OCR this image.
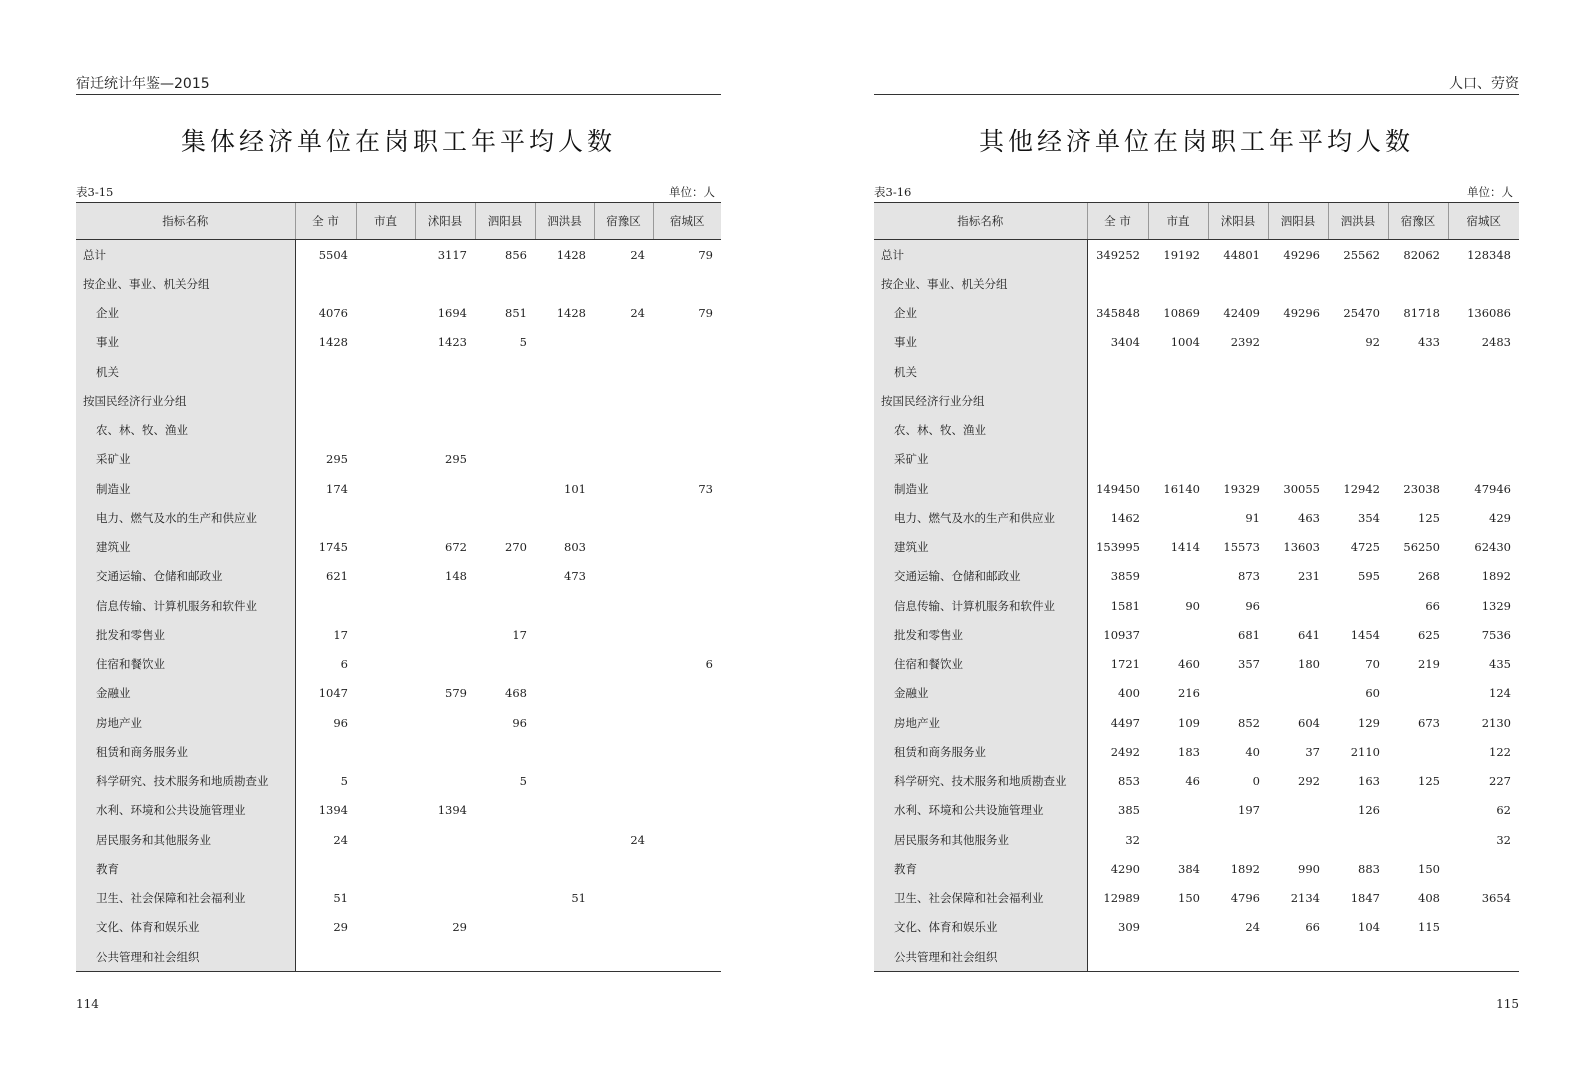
宿迁统计年鉴—2015
集体经济单位在岗职工年平均人数
表3-15	单位：人
指标名称	全 市	市直	沭阳县	泗阳县	泗洪县	宿豫区	宿城区
总计	5504		3117	856	1428	24	79
按企业、事业、机关分组							
企业	4076		1694	851	1428	24	79
事业	1428		1423	5			
机关							
按国民经济行业分组							
农、林、牧、渔业							
采矿业	295		295				
制造业	174				101		73
电力、燃气及水的生产和供应业							
建筑业	1745		672	270	803		
交通运输、仓储和邮政业	621		148		473		
信息传输、计算机服务和软件业							
批发和零售业	17			17			
住宿和餐饮业	6						6
金融业	1047		579	468			
房地产业	96			96			
租赁和商务服务业							
科学研究、技术服务和地质勘查业	5			5			
水利、环境和公共设施管理业	1394		1394				
居民服务和其他服务业	24					24	
教育							
卫生、社会保障和社会福利业	51				51		
文化、体育和娱乐业	29		29				
公共管理和社会组织							
114
人口、劳资
其他经济单位在岗职工年平均人数
表3-16	单位：人
指标名称	全 市	市直	沭阳县	泗阳县	泗洪县	宿豫区	宿城区
总计	349252	19192	44801	49296	25562	82062	128348
按企业、事业、机关分组							
企业	345848	10869	42409	49296	25470	81718	136086
事业	3404	1004	2392		92	433	2483
机关							
按国民经济行业分组							
农、林、牧、渔业							
采矿业							
制造业	149450	16140	19329	30055	12942	23038	47946
电力、燃气及水的生产和供应业	1462		91	463	354	125	429
建筑业	153995	1414	15573	13603	4725	56250	62430
交通运输、仓储和邮政业	3859		873	231	595	268	1892
信息传输、计算机服务和软件业	1581	90	96			66	1329
批发和零售业	10937		681	641	1454	625	7536
住宿和餐饮业	1721	460	357	180	70	219	435
金融业	400	216			60		124
房地产业	4497	109	852	604	129	673	2130
租赁和商务服务业	2492	183	40	37	2110		122
科学研究、技术服务和地质勘查业	853	46	0	292	163	125	227
水利、环境和公共设施管理业	385		197		126		62
居民服务和其他服务业	32						32
教育	4290	384	1892	990	883	150	
卫生、社会保障和社会福利业	12989	150	4796	2134	1847	408	3654
文化、体育和娱乐业	309		24	66	104	115	
公共管理和社会组织							
115
